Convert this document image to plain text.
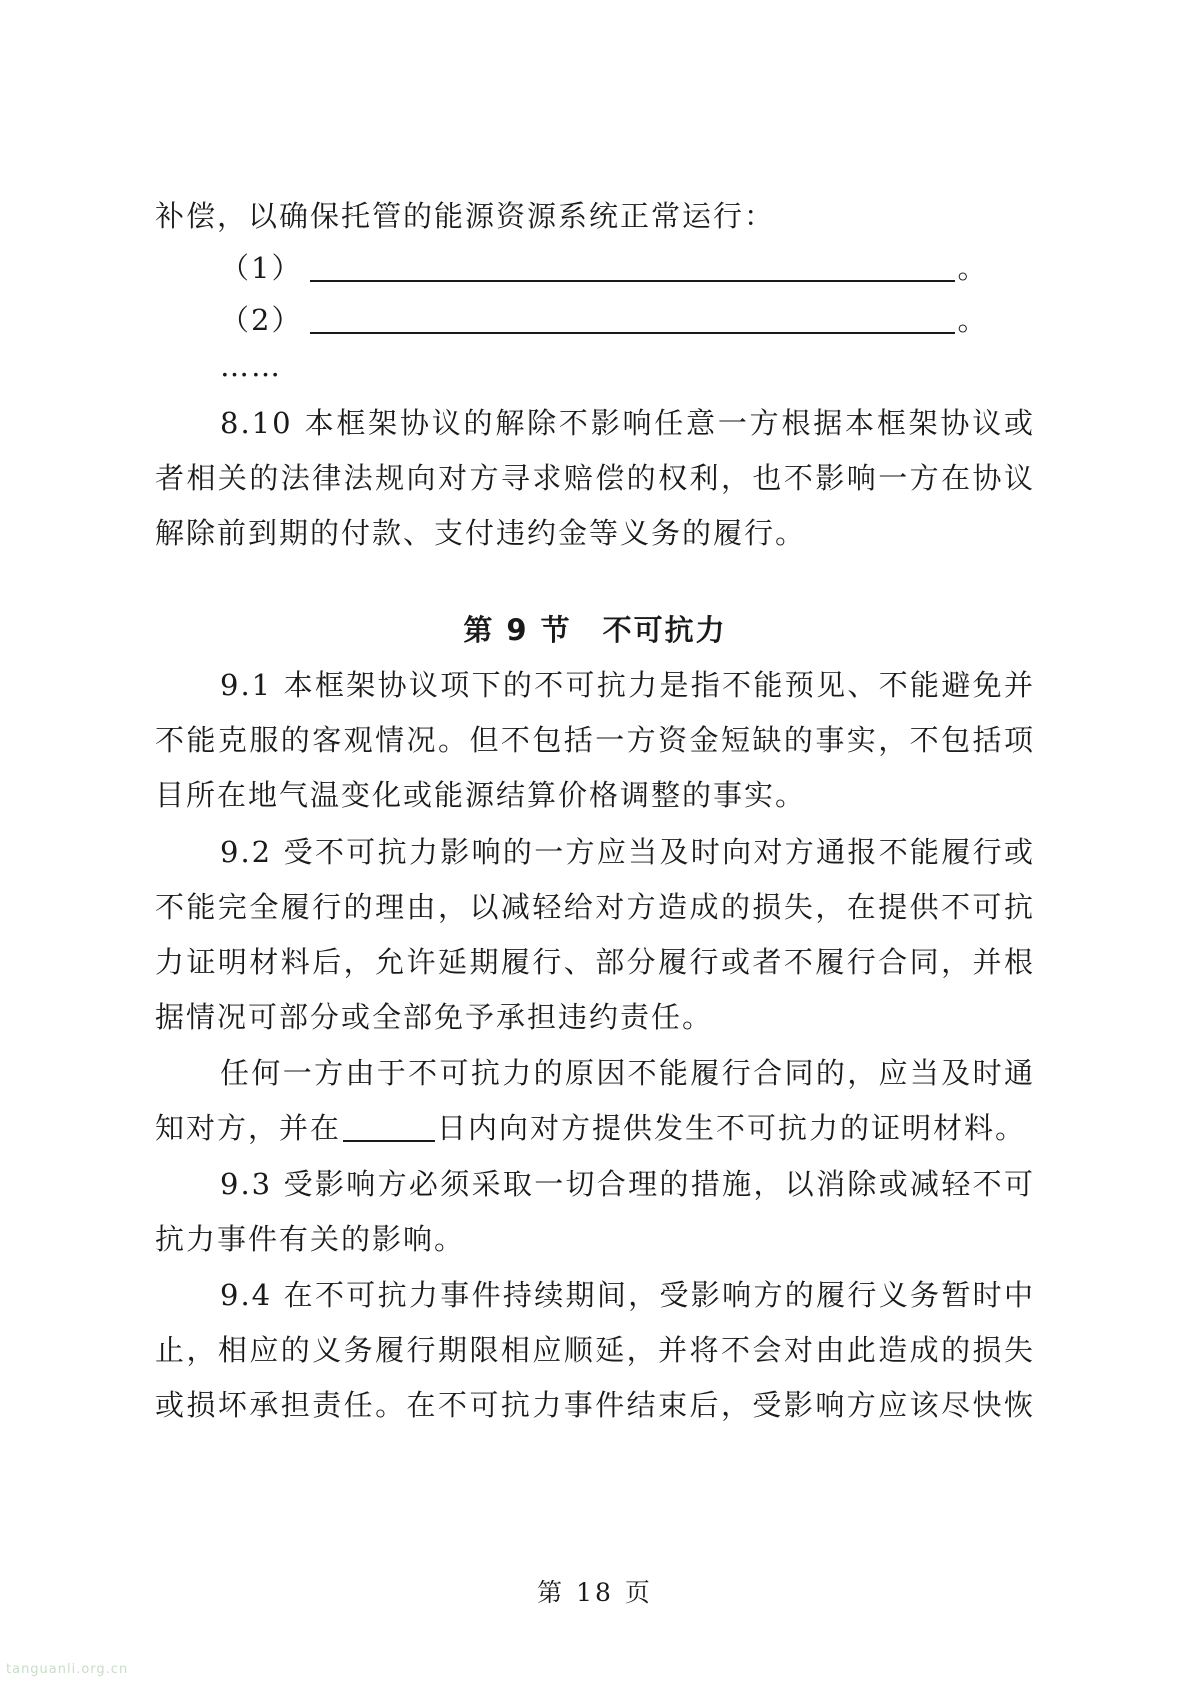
补偿，以确保托管的能源资源系统正常运行：
（1）	。
（2）	。
……
8.10 本框架协议的解除不影响任意一方根据本框架协议或
者相关的法律法规向对方寻求赔偿的权利，也不影响一方在协议
解除前到期的付款、支付违约金等义务的履行。
第 9 节　不可抗力
9.1 本框架协议项下的不可抗力是指不能预见、不能避免并
不能克服的客观情况。但不包括一方资金短缺的事实，不包括项
目所在地气温变化或能源结算价格调整的事实。
9.2 受不可抗力影响的一方应当及时向对方通报不能履行或
不能完全履行的理由，以减轻给对方造成的损失，在提供不可抗
力证明材料后，允许延期履行、部分履行或者不履行合同，并根
据情况可部分或全部免予承担违约责任。
任何一方由于不可抗力的原因不能履行合同的，应当及时通
知对方，并在	日内向对方提供发生不可抗力的证明材料。
9.3 受影响方必须采取一切合理的措施，以消除或减轻不可
抗力事件有关的影响。
9.4 在不可抗力事件持续期间，受影响方的履行义务暂时中
止，相应的义务履行期限相应顺延，并将不会对由此造成的损失
或损坏承担责任。在不可抗力事件结束后，受影响方应该尽快恢
第 18 页
tanguanli.org.cn
